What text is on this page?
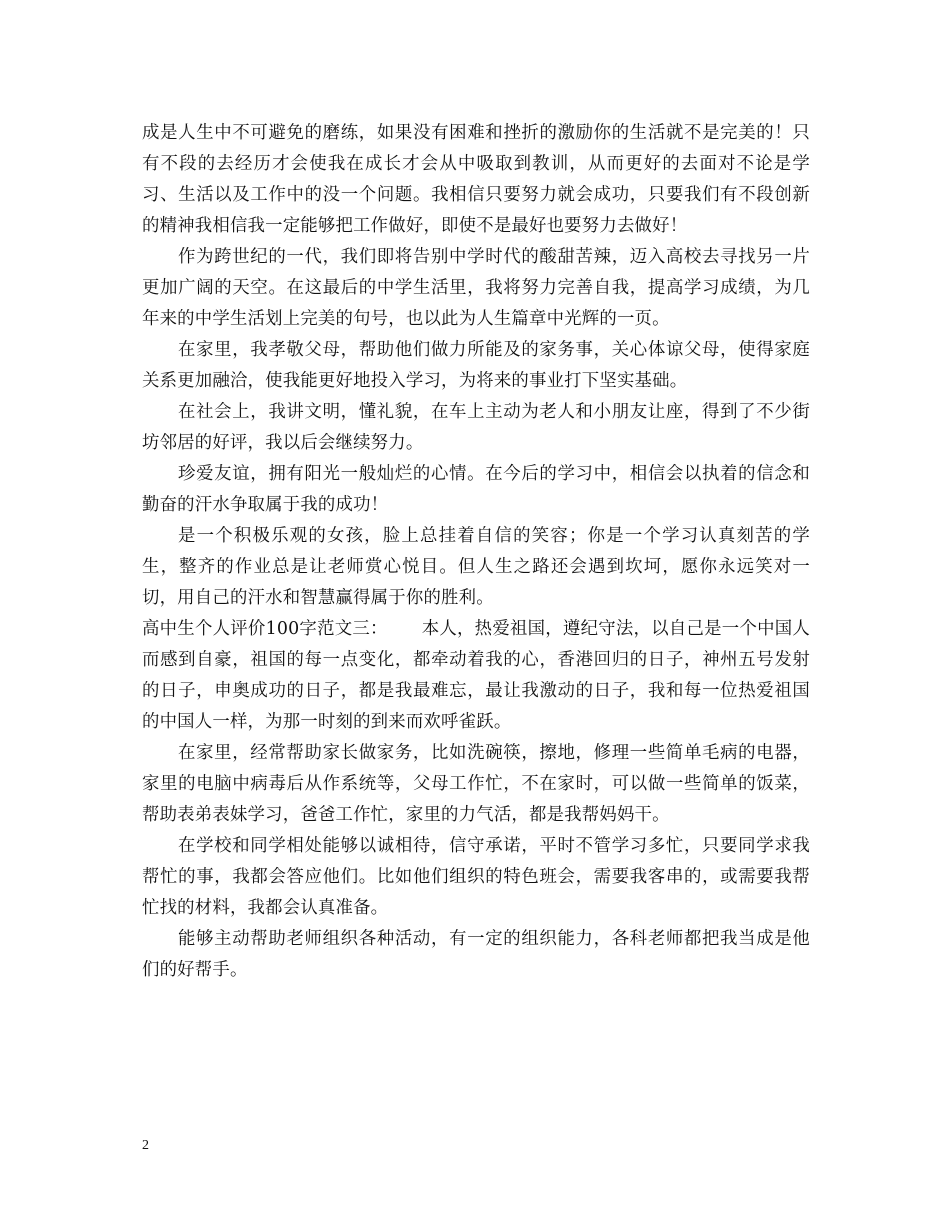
成是人生中不可避免的磨练，如果没有困难和挫折的激励你的生活就不是完美的！只有不段的去经历才会使我在成长才会从中吸取到教训，从而更好的去面对不论是学习、生活以及工作中的没一个问题。我相信只要努力就会成功，只要我们有不段创新的精神我相信我一定能够把工作做好，即使不是最好也要努力去做好！

作为跨世纪的一代，我们即将告别中学时代的酸甜苦辣，迈入高校去寻找另一片更加广阔的天空。在这最后的中学生活里，我将努力完善自我，提高学习成绩，为几年来的中学生活划上完美的句号，也以此为人生篇章中光辉的一页。

在家里，我孝敬父母，帮助他们做力所能及的家务事，关心体谅父母，使得家庭关系更加融洽，使我能更好地投入学习，为将来的事业打下坚实基础。

在社会上，我讲文明，懂礼貌，在车上主动为老人和小朋友让座，得到了不少街坊邻居的好评，我以后会继续努力。

珍爱友谊，拥有阳光一般灿烂的心情。在今后的学习中，相信会以执着的信念和勤奋的汗水争取属于我的成功！

是一个积极乐观的女孩，脸上总挂着自信的笑容；你是一个学习认真刻苦的学生，整齐的作业总是让老师赏心悦目。但人生之路还会遇到坎坷，愿你永远笑对一切，用自己的汗水和智慧赢得属于你的胜利。

高中生个人评价100字范文三： 本人，热爱祖国，遵纪守法，以自己是一个中国人而感到自豪，祖国的每一点变化，都牵动着我的心，香港回归的日子，神州五号发射的日子，申奥成功的日子，都是我最难忘，最让我激动的日子，我和每一位热爱祖国的中国人一样，为那一时刻的到来而欢呼雀跃。

在家里，经常帮助家长做家务，比如洗碗筷，擦地，修理一些简单毛病的电器，家里的电脑中病毒后从作系统等，父母工作忙，不在家时，可以做一些简单的饭菜，帮助表弟表妹学习，爸爸工作忙，家里的力气活，都是我帮妈妈干。

在学校和同学相处能够以诚相待，信守承诺，平时不管学习多忙，只要同学求我帮忙的事，我都会答应他们。比如他们组织的特色班会，需要我客串的，或需要我帮忙找的材料，我都会认真准备。

能够主动帮助老师组织各种活动，有一定的组织能力，各科老师都把我当成是他们的好帮手。

2
